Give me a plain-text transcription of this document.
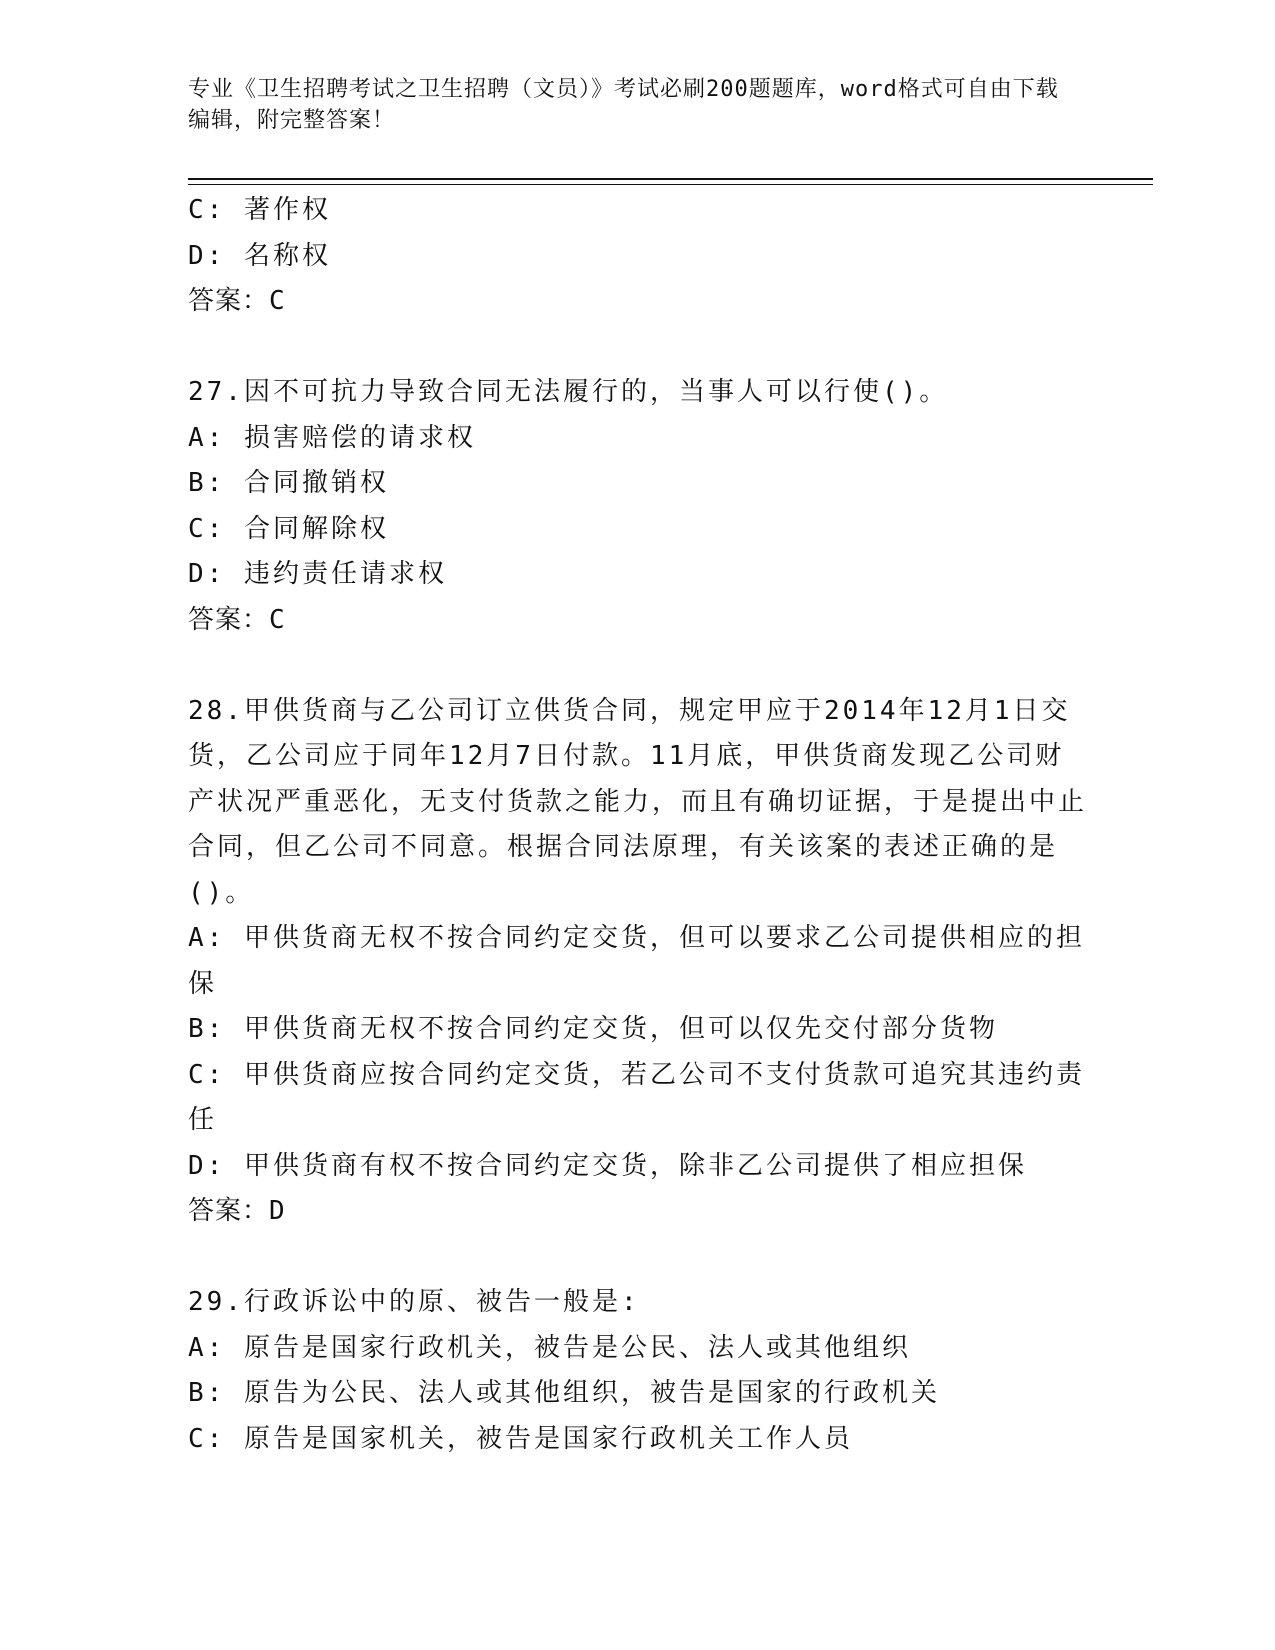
专业《卫生招聘考试之卫生招聘（文员）》考试必刷200题题库，word格式可自由下载编辑，附完整答案！
C: 著作权
D: 名称权
答案：C
27.因不可抗力导致合同无法履行的，当事人可以行使()。
A: 损害赔偿的请求权
B: 合同撤销权
C: 合同解除权
D: 违约责任请求权
答案：C
28.甲供货商与乙公司订立供货合同，规定甲应于2014年12月1日交货，乙公司应于同年12月7日付款。11月底，甲供货商发现乙公司财产状况严重恶化，无支付货款之能力，而且有确切证据，于是提出中止合同，但乙公司不同意。根据合同法原理，有关该案的表述正确的是()。
A: 甲供货商无权不按合同约定交货，但可以要求乙公司提供相应的担保
B: 甲供货商无权不按合同约定交货，但可以仅先交付部分货物
C: 甲供货商应按合同约定交货，若乙公司不支付货款可追究其违约责任
D: 甲供货商有权不按合同约定交货，除非乙公司提供了相应担保
答案：D
29.行政诉讼中的原、被告一般是:
A: 原告是国家行政机关，被告是公民、法人或其他组织
B: 原告为公民、法人或其他组织，被告是国家的行政机关
C: 原告是国家机关，被告是国家行政机关工作人员
